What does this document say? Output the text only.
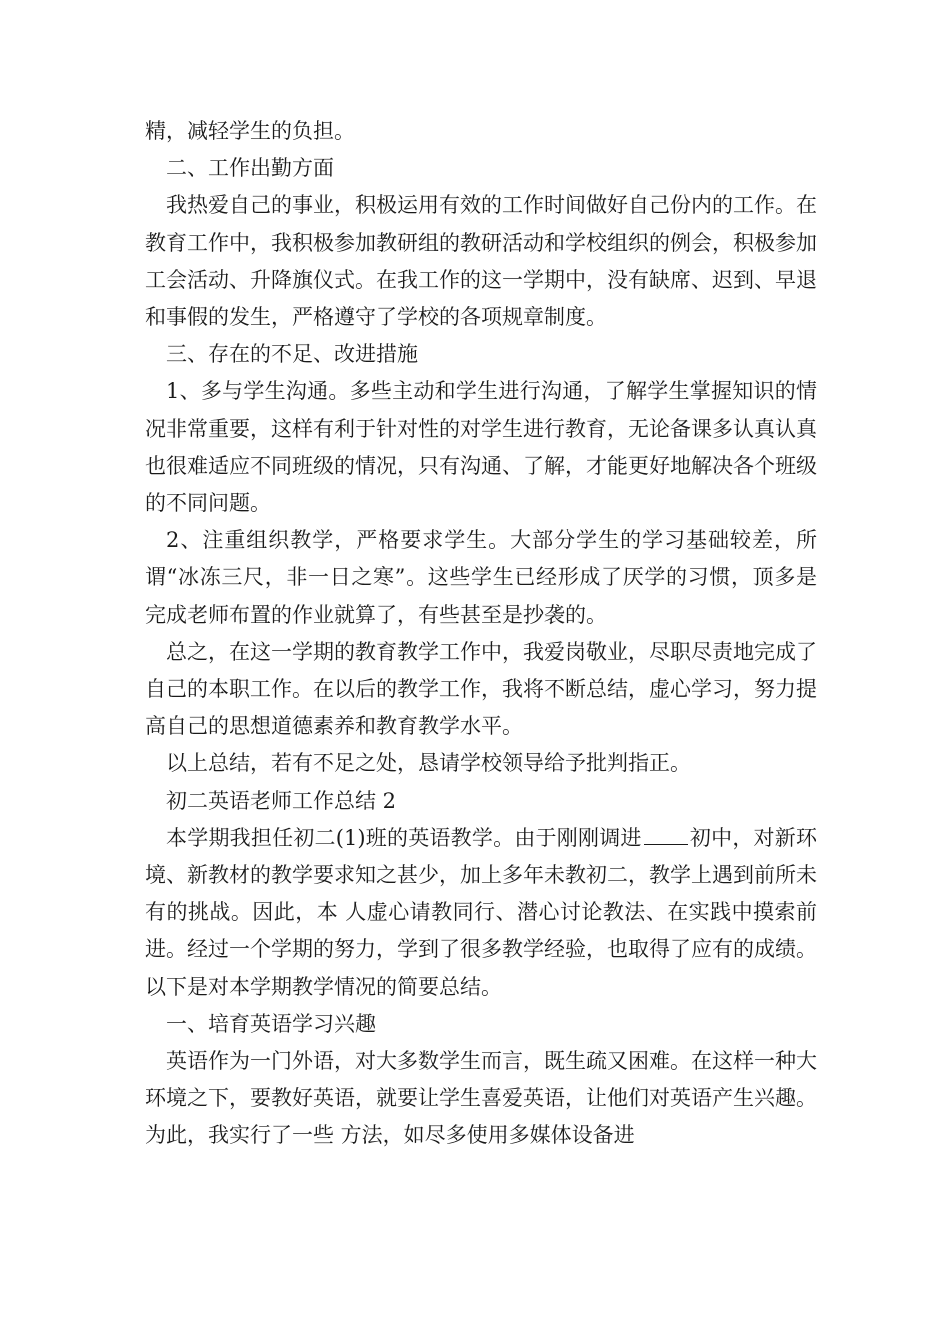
精，减轻学生的负担。

二、工作出勤方面

我热爱自己的事业，积极运用有效的工作时间做好自己份内的工作。在教育工作中，我积极参加教研组的教研活动和学校组织的例会，积极参加工会活动、升降旗仪式。在我工作的这一学期中，没有缺席、迟到、早退和事假的发生，严格遵守了学校的各项规章制度。

三、存在的不足、改进措施

1、多与学生沟通。多些主动和学生进行沟通，了解学生掌握知识的情况非常重要，这样有利于针对性的对学生进行教育，无论备课多认真认真也很难适应不同班级的情况，只有沟通、了解，才能更好地解决各个班级的不同问题。

2、注重组织教学，严格要求学生。大部分学生的学习基础较差，所谓“冰冻三尺，非一日之寒”。这些学生已经形成了厌学的习惯，顶多是完成老师布置的作业就算了，有些甚至是抄袭的。

总之，在这一学期的教育教学工作中，我爱岗敬业，尽职尽责地完成了自己的本职工作。在以后的教学工作，我将不断总结，虚心学习，努力提高自己的思想道德素养和教育教学水平。

以上总结，若有不足之处，恳请学校领导给予批判指正。

初二英语老师工作总结 2

本学期我担任初二(1)班的英语教学。由于刚刚调进 初中，对新环境、新教材的教学要求知之甚少，加上多年未教初二，教学上遇到前所未有的挑战。因此，本 人虚心请教同行、潜心讨论教法、在实践中摸索前进。经过一个学期的努力，学到了很多教学经验，也取得了应有的成绩。以下是对本学期教学情况的简要总结。

一、培育英语学习兴趣

英语作为一门外语，对大多数学生而言，既生疏又困难。在这样一种大环境之下，要教好英语，就要让学生喜爱英语，让他们对英语产生兴趣。为此，我实行了一些 方法，如尽多使用多媒体设备进
